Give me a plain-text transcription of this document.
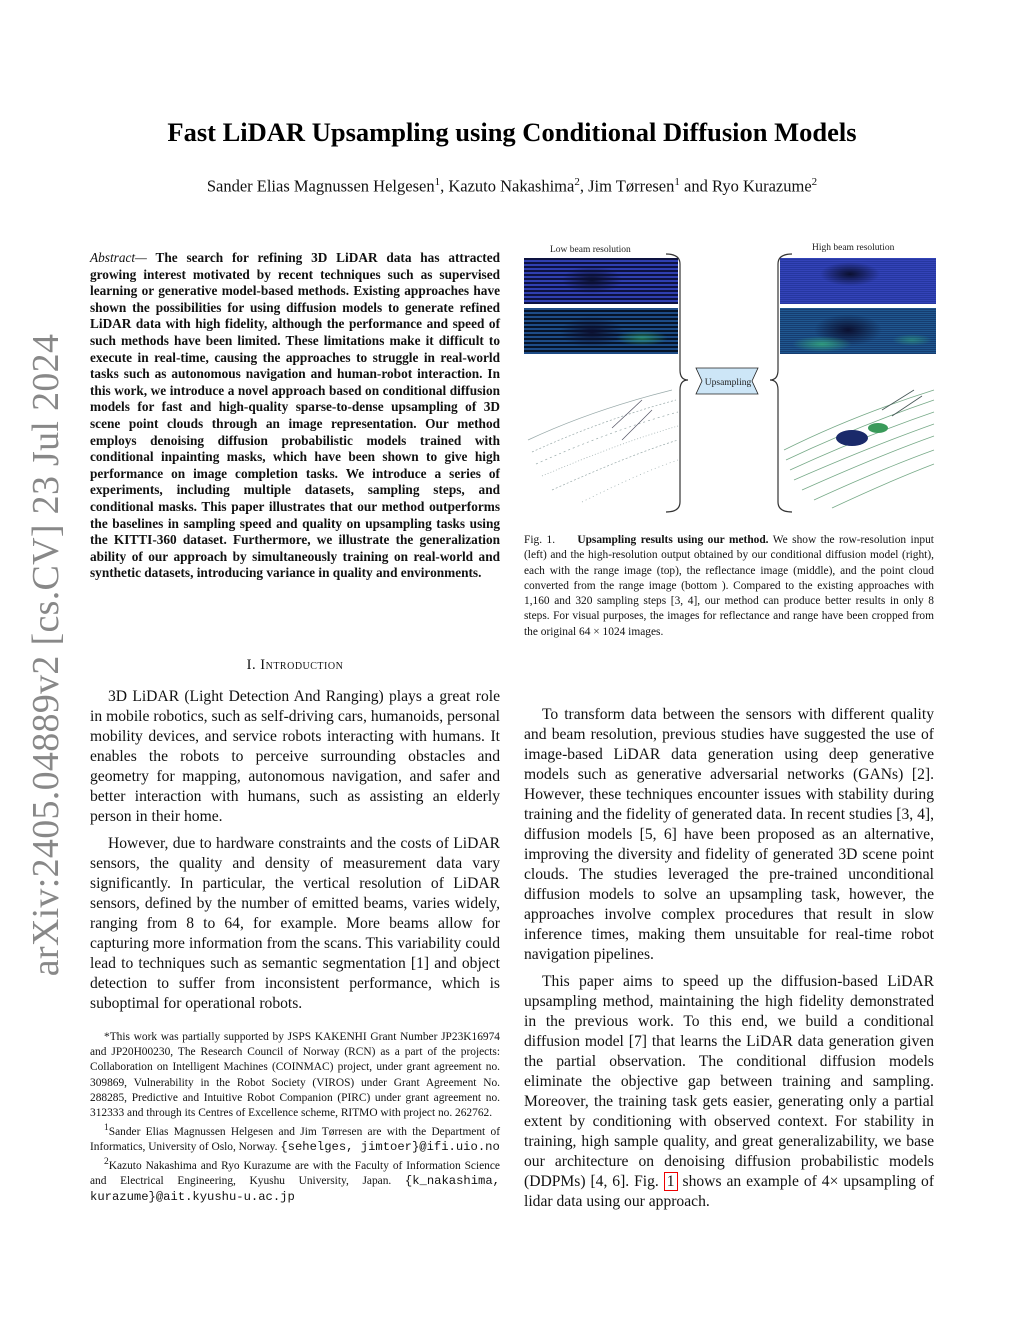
arXiv:2405.04889v2 [cs.CV] 23 Jul 2024
Fast LiDAR Upsampling using Conditional Diffusion Models
Sander Elias Magnussen Helgesen$^1$, Kazuto Nakashima$^2$, Jim Tørresen$^1$ and Ryo Kurazume$^2$
Abstract— The search for refining 3D LiDAR data has attracted growing interest motivated by recent techniques such as supervised learning or generative model-based methods. Existing approaches have shown the possibilities for using diffusion models to generate refined LiDAR data with high fidelity, although the performance and speed of such methods have been limited. These limitations make it difficult to execute in real-time, causing the approaches to struggle in real-world tasks such as autonomous navigation and human-robot interaction. In this work, we introduce a novel approach based on conditional diffusion models for fast and high-quality sparse-to-dense upsampling of 3D scene point clouds through an image representation. Our method employs denoising diffusion probabilistic models trained with conditional inpainting masks, which have been shown to give high performance on image completion tasks. We introduce a series of experiments, including multiple datasets, sampling steps, and conditional masks. This paper illustrates that our method outperforms the baselines in sampling speed and quality on upsampling tasks using the KITTI-360 dataset. Furthermore, we illustrate the generalization ability of our approach by simultaneously training on real-world and synthetic datasets, introducing variance in quality and environments.
I. Introduction

3D LiDAR (Light Detection And Ranging) plays a great role in mobile robotics, such as self-driving cars, humanoids, personal mobility devices, and service robots interacting with humans. It enables the robots to perceive surrounding obstacles and geometry for mapping, autonomous navigation, and safer and better interaction with humans, such as assisting an elderly person in their home.

However, due to hardware constraints and the costs of LiDAR sensors, the quality and density of measurement data vary significantly. In particular, the vertical resolution of LiDAR sensors, defined by the number of emitted beams, varies widely, ranging from 8 to 64, for example. More beams allow for capturing more information from the scans. This variability could lead to techniques such as semantic segmentation [1] and object detection to suffer from inconsistent performance, which is suboptimal for operational robots.

*This work was partially supported by JSPS KAKENHI Grant Number JP23K16974 and JP20H00230, The Research Council of Norway (RCN) as a part of the projects: Collaboration on Intelligent Machines (COINMAC) project, under grant agreement no. 309869, Vulnerability in the Robot Society (VIROS) under Grant Agreement No. 288285, Predictive and Intuitive Robot Companion (PIRC) under grant agreement no. 312333 and through its Centres of Excellence scheme, RITMO with project no. 262762.

$^1$Sander Elias Magnussen Helgesen and Jim Tørresen are with the Department of Informatics, University of Oslo, Norway. {sehelges, jimtoer}@ifi.uio.no

$^2$Kazuto Nakashima and Ryo Kurazume are with the Faculty of Information Science and Electrical Engineering, Kyushu University, Japan. {k_nakashima, kurazume}@ait.kyushu-u.ac.jp

Low beam resolution	High beam resolution
Upsampling
Fig. 1. Upsampling results using our method. We show the row-resolution input (left) and the high-resolution output obtained by our conditional diffusion model (right), each with the range image (top), the reflectance image (middle), and the point cloud converted from the range image (bottom ). Compared to the existing approaches with 1,160 and 320 sampling steps [3, 4], our method can produce better results in only 8 steps. For visual purposes, the images for reflectance and range have been cropped from the original 64 × 1024 images.

To transform data between the sensors with different quality and beam resolution, previous studies have suggested the use of image-based LiDAR data generation using deep generative models such as generative adversarial networks (GANs) [2]. However, these techniques encounter issues with stability during training and the fidelity of generated data. In recent studies [3, 4], diffusion models [5, 6] have been proposed as an alternative, improving the diversity and fidelity of generated 3D scene point clouds. The studies leveraged the pre-trained unconditional diffusion models to solve an upsampling task, however, the approaches involve complex procedures that result in slow inference times, making them unsuitable for real-time robot navigation pipelines.

This paper aims to speed up the diffusion-based LiDAR upsampling method, maintaining the high fidelity demonstrated in the previous work. To this end, we build a conditional diffusion model [7] that learns the LiDAR data generation given the partial observation. The conditional diffusion models eliminate the objective gap between training and sampling. Moreover, the training task gets easier, generating only a partial extent by conditioning with observed context. For stability in training, high sample quality, and great generalizability, we base our architecture on denoising diffusion probabilistic models (DDPMs) [4, 6]. Fig. 1 shows an example of 4× upsampling of lidar data using our approach.
